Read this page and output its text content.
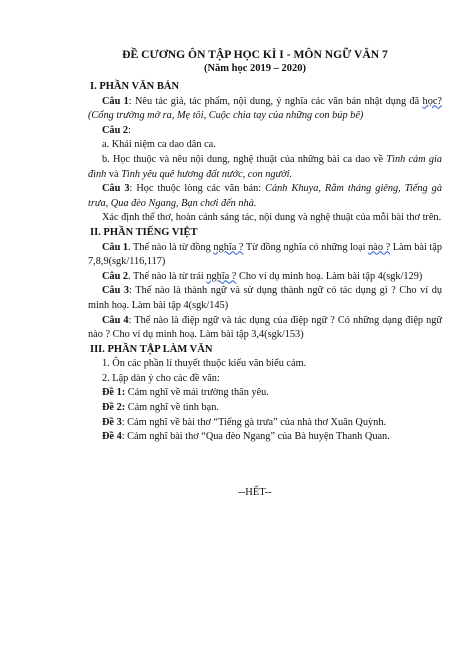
ĐỀ CƯƠNG ÔN TẬP HỌC KÌ I - MÔN NGỮ VĂN 7
(Năm học 2019 – 2020)

I. PHẦN VĂN BẢN

Câu 1: Nêu tác giả, tác phẩm, nội dung, ý nghĩa các văn bản nhật dụng đã học?(Cổng trường mở ra, Mẹ tôi, Cuộc chia tay của những con búp bê)

Câu 2:

a. Khái niệm ca dao dân ca.

b. Học thuộc và nêu nội dung, nghệ thuật của những bài ca dao về Tình cảm gia đình và Tình yêu quê hương đất nước, con người.

Câu 3: Học thuộc lòng các văn bản: Cảnh Khuya, Rằm tháng giêng, Tiếng gà trưa, Qua đèo Ngang, Bạn chơi đến nhà.

Xác định thể thơ, hoàn cảnh sáng tác, nội dung và nghệ thuật của mỗi bài thơ trên.

II. PHẦN TIẾNG VIỆT

Câu 1. Thế nào là từ đồng nghĩa ? Từ đồng nghĩa có những loại nào ? Làm bài tập 7,8,9(sgk/116,117)

Câu 2. Thế nào là từ trái nghĩa ? Cho ví dụ minh hoạ. Làm bài tập 4(sgk/129)

Câu 3: Thế nào là thành ngữ và sử dụng thành ngữ có tác dụng gì ? Cho ví dụ minh hoạ. Làm bài tập 4(sgk/145)

Câu 4: Thế nào là điệp ngữ và tác dụng của điệp ngữ ? Có những dạng điệp ngữ nào ? Cho ví dụ minh hoạ. Làm bài tập 3,4(sgk/153)

III. PHẦN TẬP LÀM VĂN

1. Ôn các phần lí thuyết thuộc kiểu văn biểu cảm.

2. Lập dàn ý cho các đề văn:

Đề 1: Cảm nghĩ về mái trường thân yêu.

Đề 2: Cảm nghĩ về tình bạn.

Đề 3: Cảm nghĩ về bài thơ “Tiếng gà trưa” của nhà thơ Xuân Quỳnh.

Đề 4: Cảm nghĩ bài thơ “Qua đèo Ngang” của Bà huyện Thanh Quan.

--HẾT--
